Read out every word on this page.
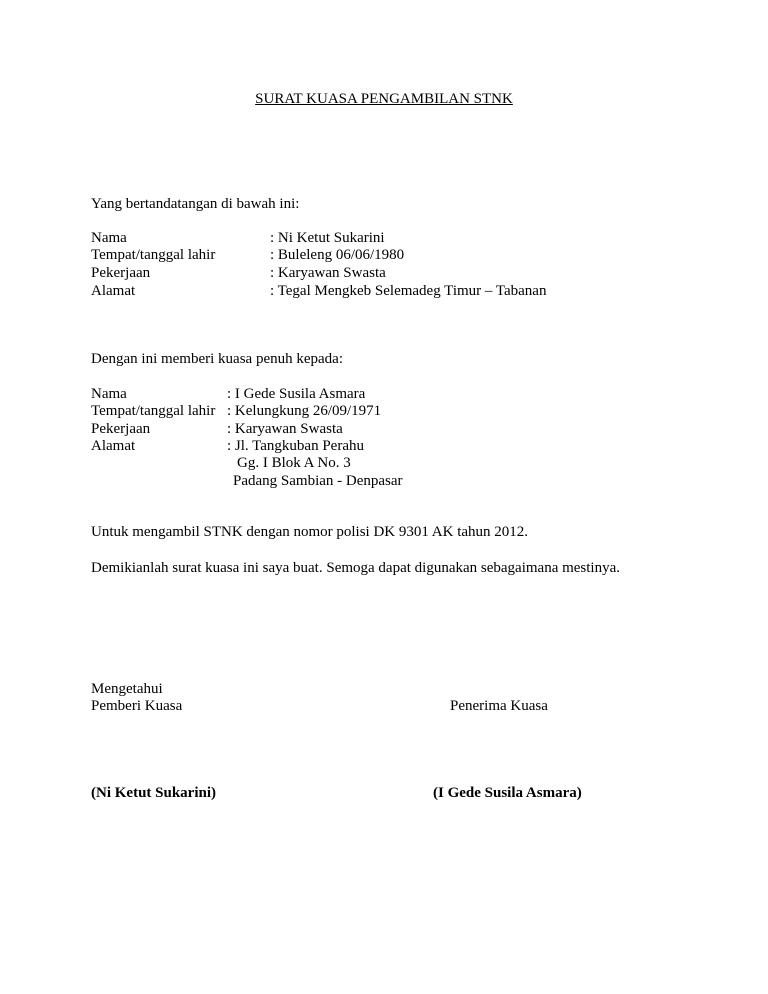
SURAT KUASA PENGAMBILAN STNK
Yang bertandatangan di bawah ini:
Nama	: Ni Ketut Sukarini
Tempat/tanggal lahir	: Buleleng 06/06/1980
Pekerjaan	: Karyawan Swasta
Alamat	: Tegal Mengkeb Selemadeg Timur – Tabanan
Dengan ini memberi kuasa penuh kepada:
Nama	: I Gede Susila Asmara
Tempat/tanggal lahir : Kelungkung 26/09/1971
Pekerjaan	: Karyawan Swasta
Alamat	: Jl. Tangkuban Perahu
Gg. I Blok A No. 3
Padang Sambian - Denpasar
Untuk mengambil STNK dengan nomor polisi DK 9301 AK tahun 2012.
Demikianlah surat kuasa ini saya buat. Semoga dapat digunakan sebagaimana mestinya.
Mengetahui
Pemberi Kuasa	Penerima Kuasa
(Ni Ketut Sukarini)	(I Gede Susila Asmara)
